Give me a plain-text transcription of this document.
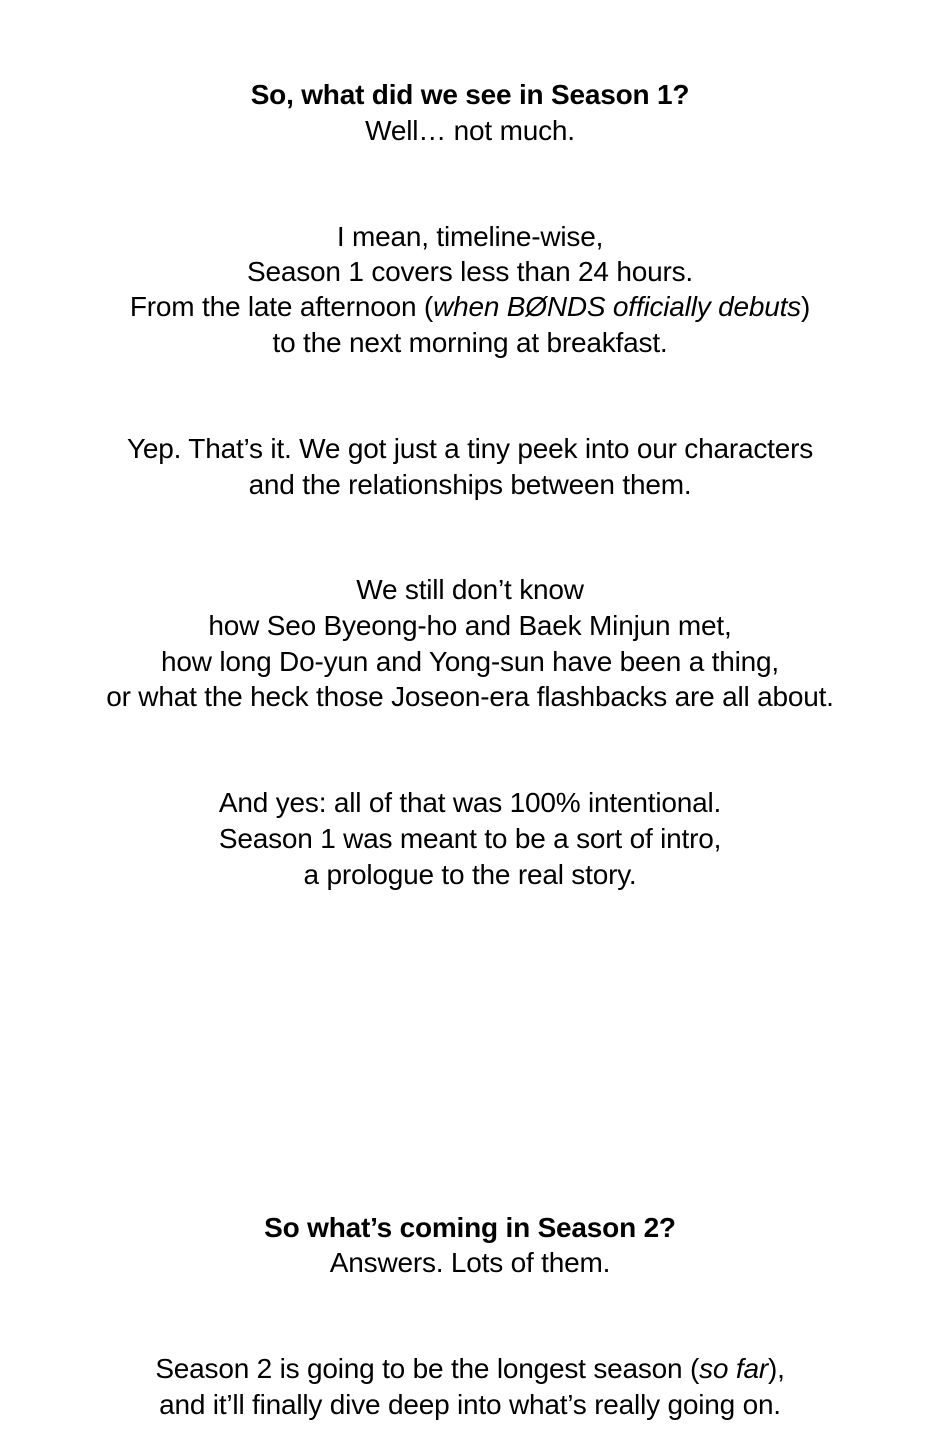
So, what did we see in Season 1?
Well… not much.
I mean, timeline-wise,
Season 1 covers less than 24 hours.
From the late afternoon (when BØNDS officially debuts)
to the next morning at breakfast.
Yep. That’s it. We got just a tiny peek into our characters
and the relationships between them.
We still don’t know
how Seo Byeong-ho and Baek Minjun met,
how long Do-yun and Yong-sun have been a thing,
or what the heck those Joseon-era flashbacks are all about.
And yes: all of that was 100% intentional.
Season 1 was meant to be a sort of intro,
a prologue to the real story.
So what’s coming in Season 2?
Answers. Lots of them.
Season 2 is going to be the longest season (so far),
and it’ll finally dive deep into what’s really going on.
